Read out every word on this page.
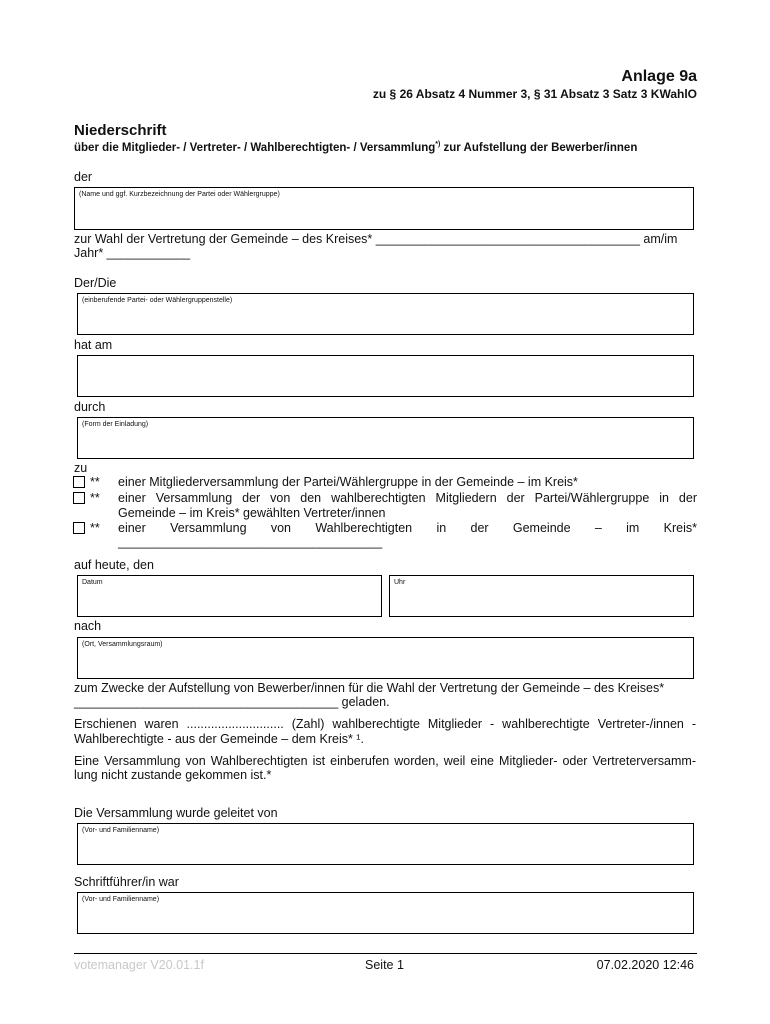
Anlage 9a
zu § 26 Absatz 4 Nummer 3, § 31 Absatz 3 Satz 3 KWahlO
Niederschrift
über die Mitglieder- / Vertreter- / Wahlberechtigten- / Versammlung*) zur Aufstellung der Bewerber/innen
der
(Name und ggf. Kurzbezeichnung der Partei oder Wählergruppe)
zur Wahl der Vertretung der Gemeinde – des Kreises* ______________________________________ am/im
Jahr* ____________
Der/Die
(einberufende Partei- oder Wählergruppenstelle)
hat am
durch
(Form der Einladung)
zu
** einer Mitgliederversammlung der Partei/Wählergruppe in der Gemeinde – im Kreis*
** einer Versammlung der von den wahlberechtigten Mitgliedern der Partei/Wählergruppe in der
Gemeinde – im Kreis* gewählten Vertreter/innen
** einer Versammlung von Wahlberechtigten in der Gemeinde – im Kreis*
______________________________________
auf heute, den
Datum	Uhr
nach
(Ort, Versammlungsraum)
zum Zwecke der Aufstellung von Bewerber/innen für die Wahl der Vertretung der Gemeinde – des Kreises*
______________________________________ geladen.
Erschienen waren ............................ (Zahl) wahlberechtigte Mitglieder - wahlberechtigte Vertreter-/innen -
Wahlberechtigte - aus der Gemeinde – dem Kreis* ¹.
Eine Versammlung von Wahlberechtigten ist einberufen worden, weil eine Mitglieder- oder Vertreterversamm-
lung nicht zustande gekommen ist.*
Die Versammlung wurde geleitet von
(Vor- und Familienname)
Schriftführer/in war
(Vor- und Familienname)
votemanager V20.01.1f	Seite 1	07.02.2020 12:46
